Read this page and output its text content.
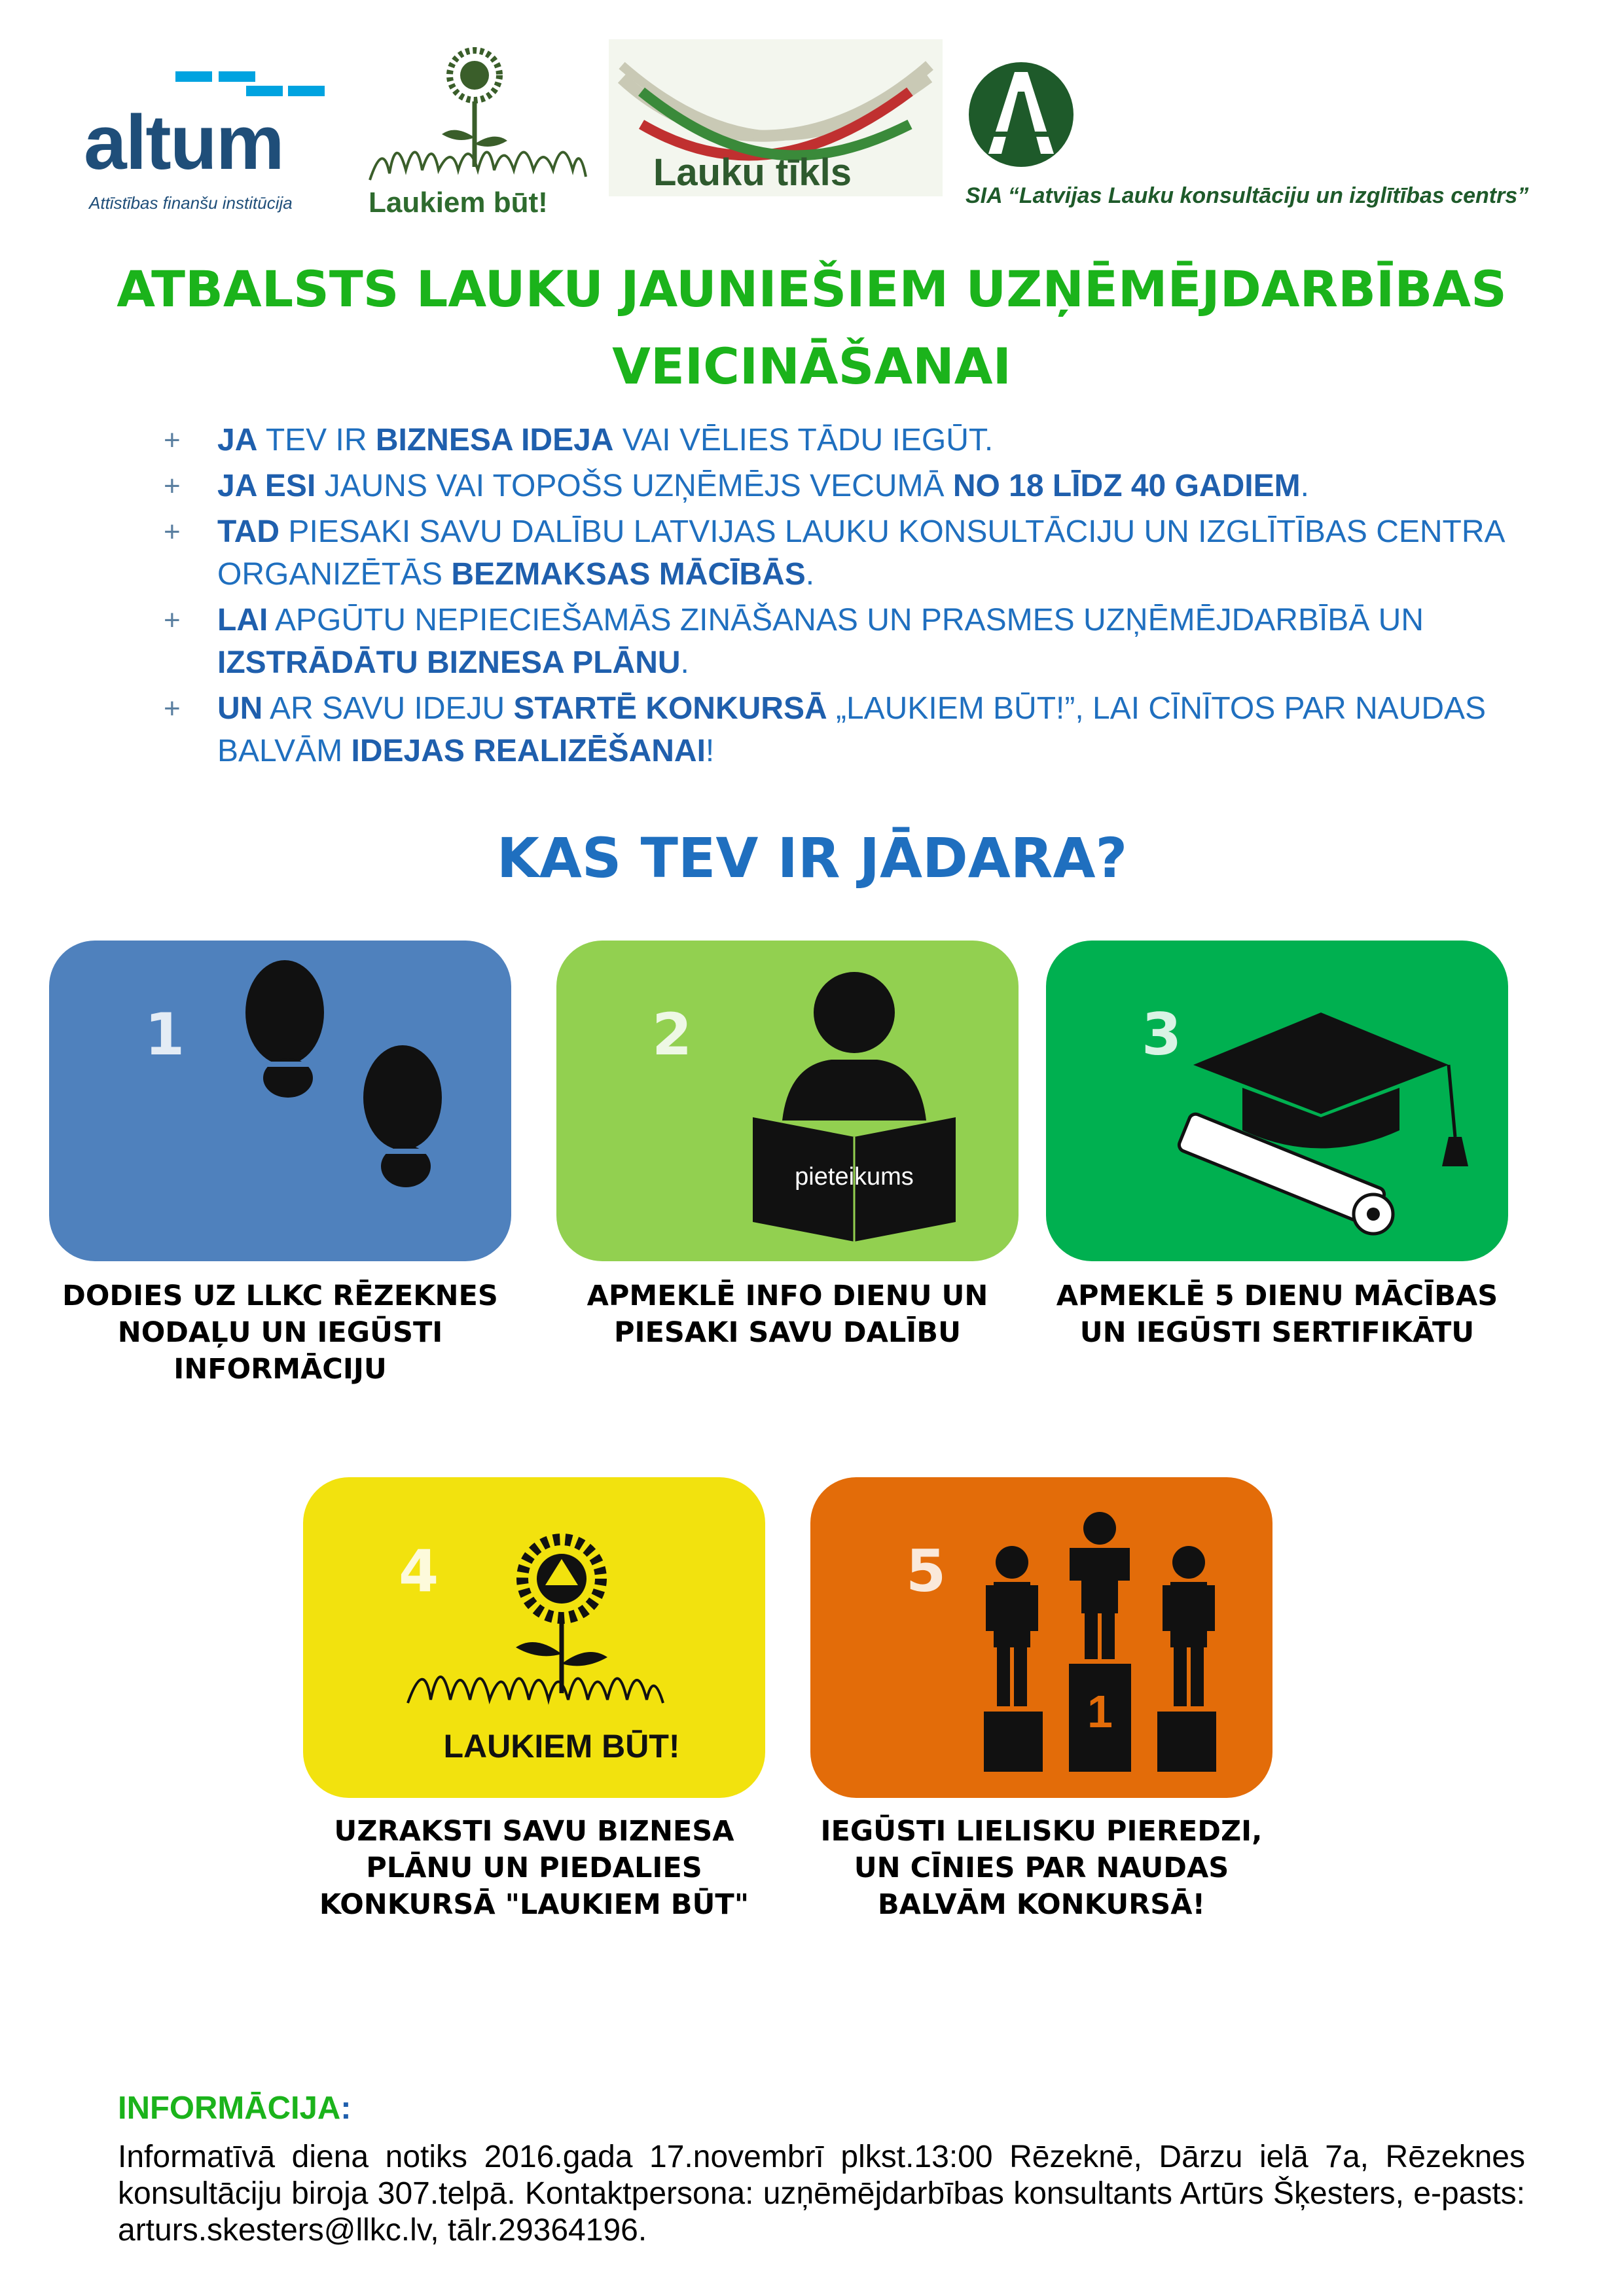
altum
Attīstības finanšu institūcija	Laukiem būt!
Lauku tīkls
SIA “Latvijas Lauku konsultāciju un izglītības centrs”
ATBALSTS LAUKU JAUNIEŠIEM UZŅĒMĒJDARBĪBAS
VEICINĀŠANAI
+ JA TEV IR BIZNESA IDEJA VAI VĒLIES TĀDU IEGŪT.
+ JA ESI JAUNS VAI TOPOŠS UZŅĒMĒJS VECUMĀ NO 18 LĪDZ 40 GADIEM.
+ TAD PIESAKI SAVU DALĪBU LATVIJAS LAUKU KONSULTĀCIJU UN IZGLĪTĪBAS CENTRA ORGANIZĒTĀS BEZMAKSAS MĀCĪBĀS.
+ LAI APGŪTU NEPIECIEŠAMĀS ZINĀŠANAS UN PRASMES UZŅĒMĒJDARBĪBĀ UN IZSTRĀDĀTU BIZNESA PLĀNU.
+ UN AR SAVU IDEJU STARTĒ KONKURSĀ „LAUKIEM BŪT!”, LAI CĪNĪTOS PAR NAUDAS BALVĀM IDEJAS REALIZĒŠANAI!
KAS TEV IR JĀDARA?
1
DODIES UZ LLKC RĒZEKNES NODAĻU UN IEGŪSTI INFORMĀCIJU
2
pieteikums
APMEKLĒ INFO DIENU UN PIESAKI SAVU DALĪBU
3
APMEKLĒ 5 DIENU MĀCĪBAS UN IEGŪSTI SERTIFIKĀTU
4
LAUKIEM BŪT!
UZRAKSTI SAVU BIZNESA PLĀNU UN PIEDALIES KONKURSĀ "LAUKIEM BŪT"
5
1
IEGŪSTI LIELISKU PIEREDZI, UN CĪNIES PAR NAUDAS BALVĀM KONKURSĀ!
INFORMĀCIJA:
Informatīvā diena notiks 2016.gada 17.novembrī plkst.13:00 Rēzeknē, Dārzu ielā 7a, Rēzeknes konsultāciju biroja 307.telpā. Kontaktpersona: uzņēmējdarbības konsultants Artūrs Šķesters, e-pasts: arturs.skesters@llkc.lv, tālr.29364196.
